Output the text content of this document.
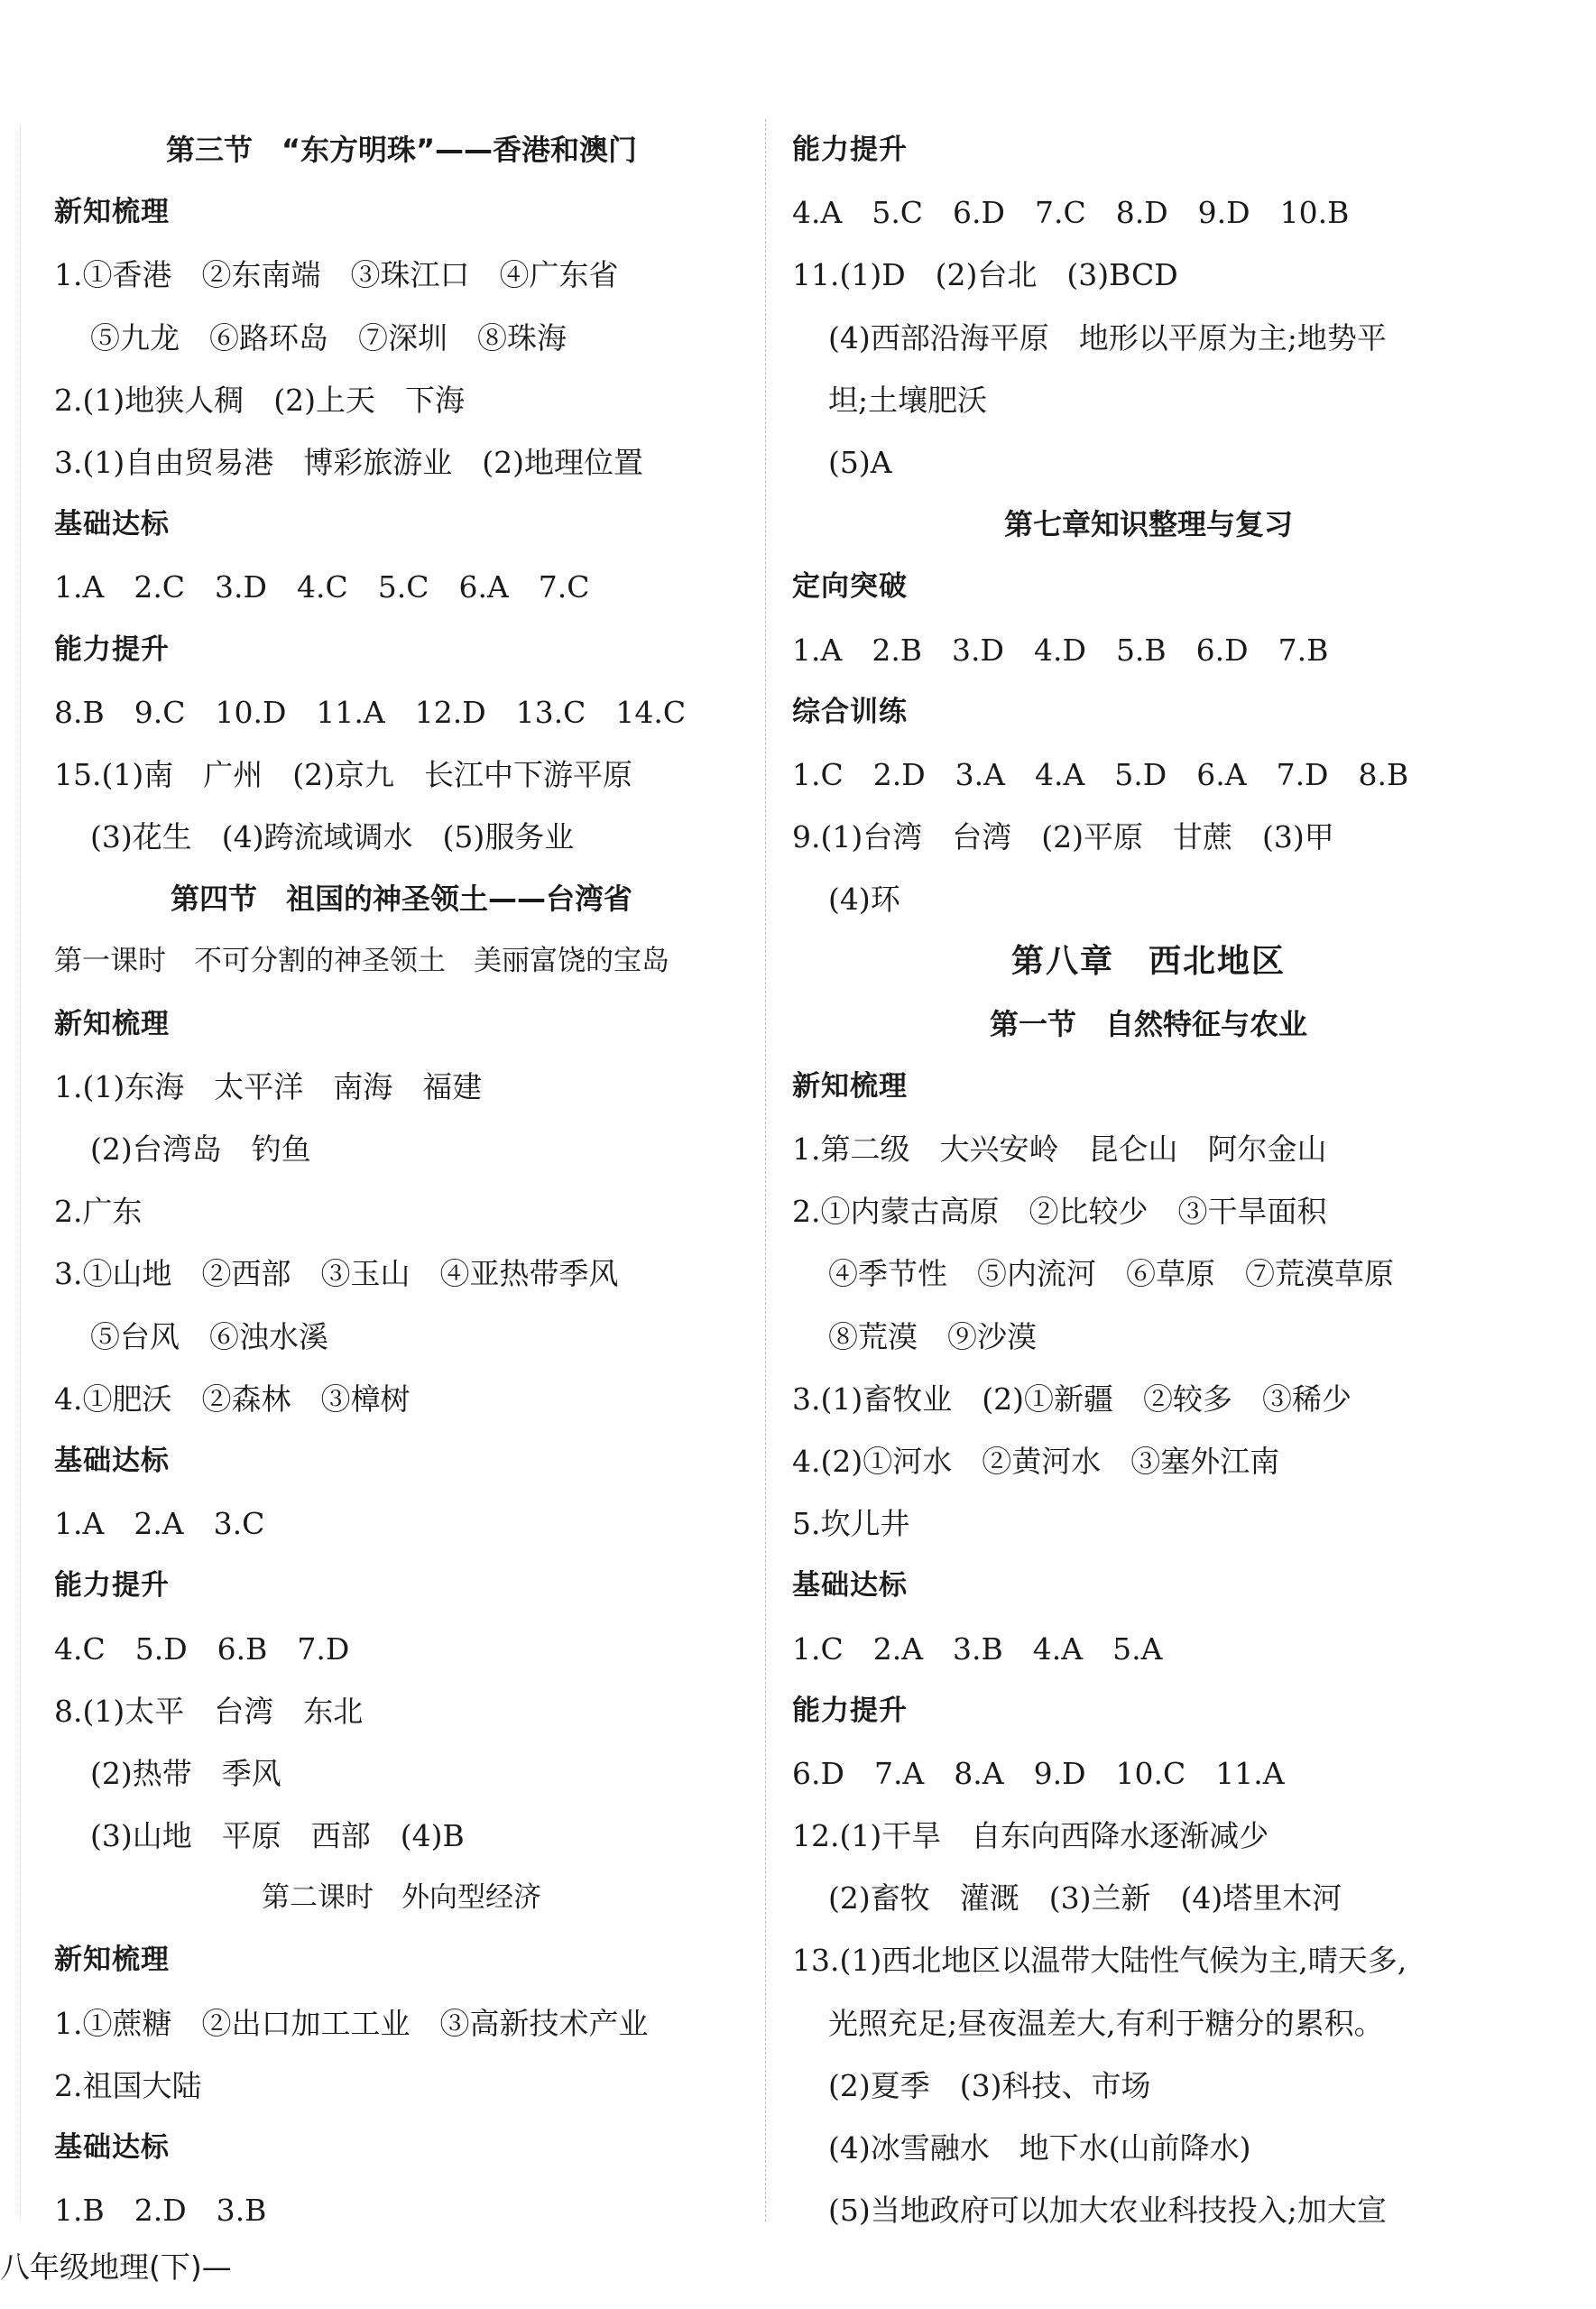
第三节　“东方明珠”——香港和澳门
新知梳理
1.①香港　②东南端　③珠江口　④广东省
⑤九龙　⑥路环岛　⑦深圳　⑧珠海
2.(1)地狭人稠　(2)上天　下海
3.(1)自由贸易港　博彩旅游业　(2)地理位置
基础达标
1.A　2.C　3.D　4.C　5.C　6.A　7.C
能力提升
8.B　9.C　10.D　11.A　12.D　13.C　14.C
15.(1)南　广州　(2)京九　长江中下游平原
(3)花生　(4)跨流域调水　(5)服务业
第四节　祖国的神圣领土——台湾省
第一课时　不可分割的神圣领土　美丽富饶的宝岛
新知梳理
1.(1)东海　太平洋　南海　福建
(2)台湾岛　钓鱼
2.广东
3.①山地　②西部　③玉山　④亚热带季风
⑤台风　⑥浊水溪
4.①肥沃　②森林　③樟树
基础达标
1.A　2.A　3.C
能力提升
4.C　5.D　6.B　7.D
8.(1)太平　台湾　东北
(2)热带　季风
(3)山地　平原　西部　(4)B
第二课时　外向型经济
新知梳理
1.①蔗糖　②出口加工工业　③高新技术产业
2.祖国大陆
基础达标
1.B　2.D　3.B
能力提升
4.A　5.C　6.D　7.C　8.D　9.D　10.B
11.(1)D　(2)台北　(3)BCD
(4)西部沿海平原　地形以平原为主;地势平
坦;土壤肥沃
(5)A
第七章知识整理与复习
定向突破
1.A　2.B　3.D　4.D　5.B　6.D　7.B
综合训练
1.C　2.D　3.A　4.A　5.D　6.A　7.D　8.B
9.(1)台湾　台湾　(2)平原　甘蔗　(3)甲
(4)环
第八章　西北地区
第一节　自然特征与农业
新知梳理
1.第二级　大兴安岭　昆仑山　阿尔金山
2.①内蒙古高原　②比较少　③干旱面积
④季节性　⑤内流河　⑥草原　⑦荒漠草原
⑧荒漠　⑨沙漠
3.(1)畜牧业　(2)①新疆　②较多　③稀少
4.(2)①河水　②黄河水　③塞外江南
5.坎儿井
基础达标
1.C　2.A　3.B　4.A　5.A
能力提升
6.D　7.A　8.A　9.D　10.C　11.A
12.(1)干旱　自东向西降水逐渐减少
(2)畜牧　灌溉　(3)兰新　(4)塔里木河
13.(1)西北地区以温带大陆性气候为主,晴天多,
光照充足;昼夜温差大,有利于糖分的累积。
(2)夏季　(3)科技、市场
(4)冰雪融水　地下水(山前降水)
(5)当地政府可以加大农业科技投入;加大宣
八年级地理(下)—
